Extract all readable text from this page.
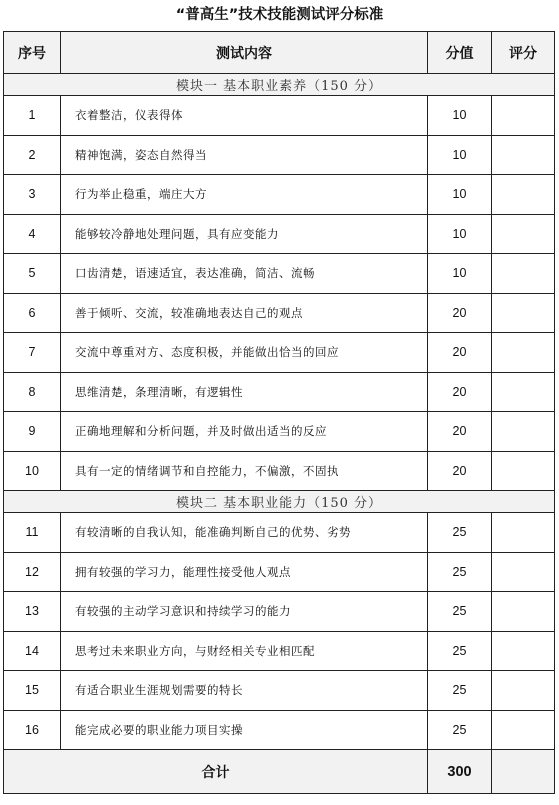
“普高生”技术技能测试评分标准
序号	测试内容	分值	评分
模块一 基本职业素养（150 分）			
1	衣着整洁，仪表得体	10	
2	精神饱满，姿态自然得当	10	
3	行为举止稳重，端庄大方	10	
4	能够较冷静地处理问题，具有应变能力	10	
5	口齿清楚，语速适宜，表达准确，简洁、流畅	10	
6	善于倾听、交流，较准确地表达自己的观点	20	
7	交流中尊重对方、态度积极，并能做出恰当的回应	20	
8	思维清楚，条理清晰，有逻辑性	20	
9	正确地理解和分析问题，并及时做出适当的反应	20	
10	具有一定的情绪调节和自控能力，不偏激，不固执	20	
模块二 基本职业能力（150 分）			
11	有较清晰的自我认知，能准确判断自己的优势、劣势	25	
12	拥有较强的学习力，能理性接受他人观点	25	
13	有较强的主动学习意识和持续学习的能力	25	
14	思考过未来职业方向，与财经相关专业相匹配	25	
15	有适合职业生涯规划需要的特长	25	
16	能完成必要的职业能力项目实操	25	
合计		300	
